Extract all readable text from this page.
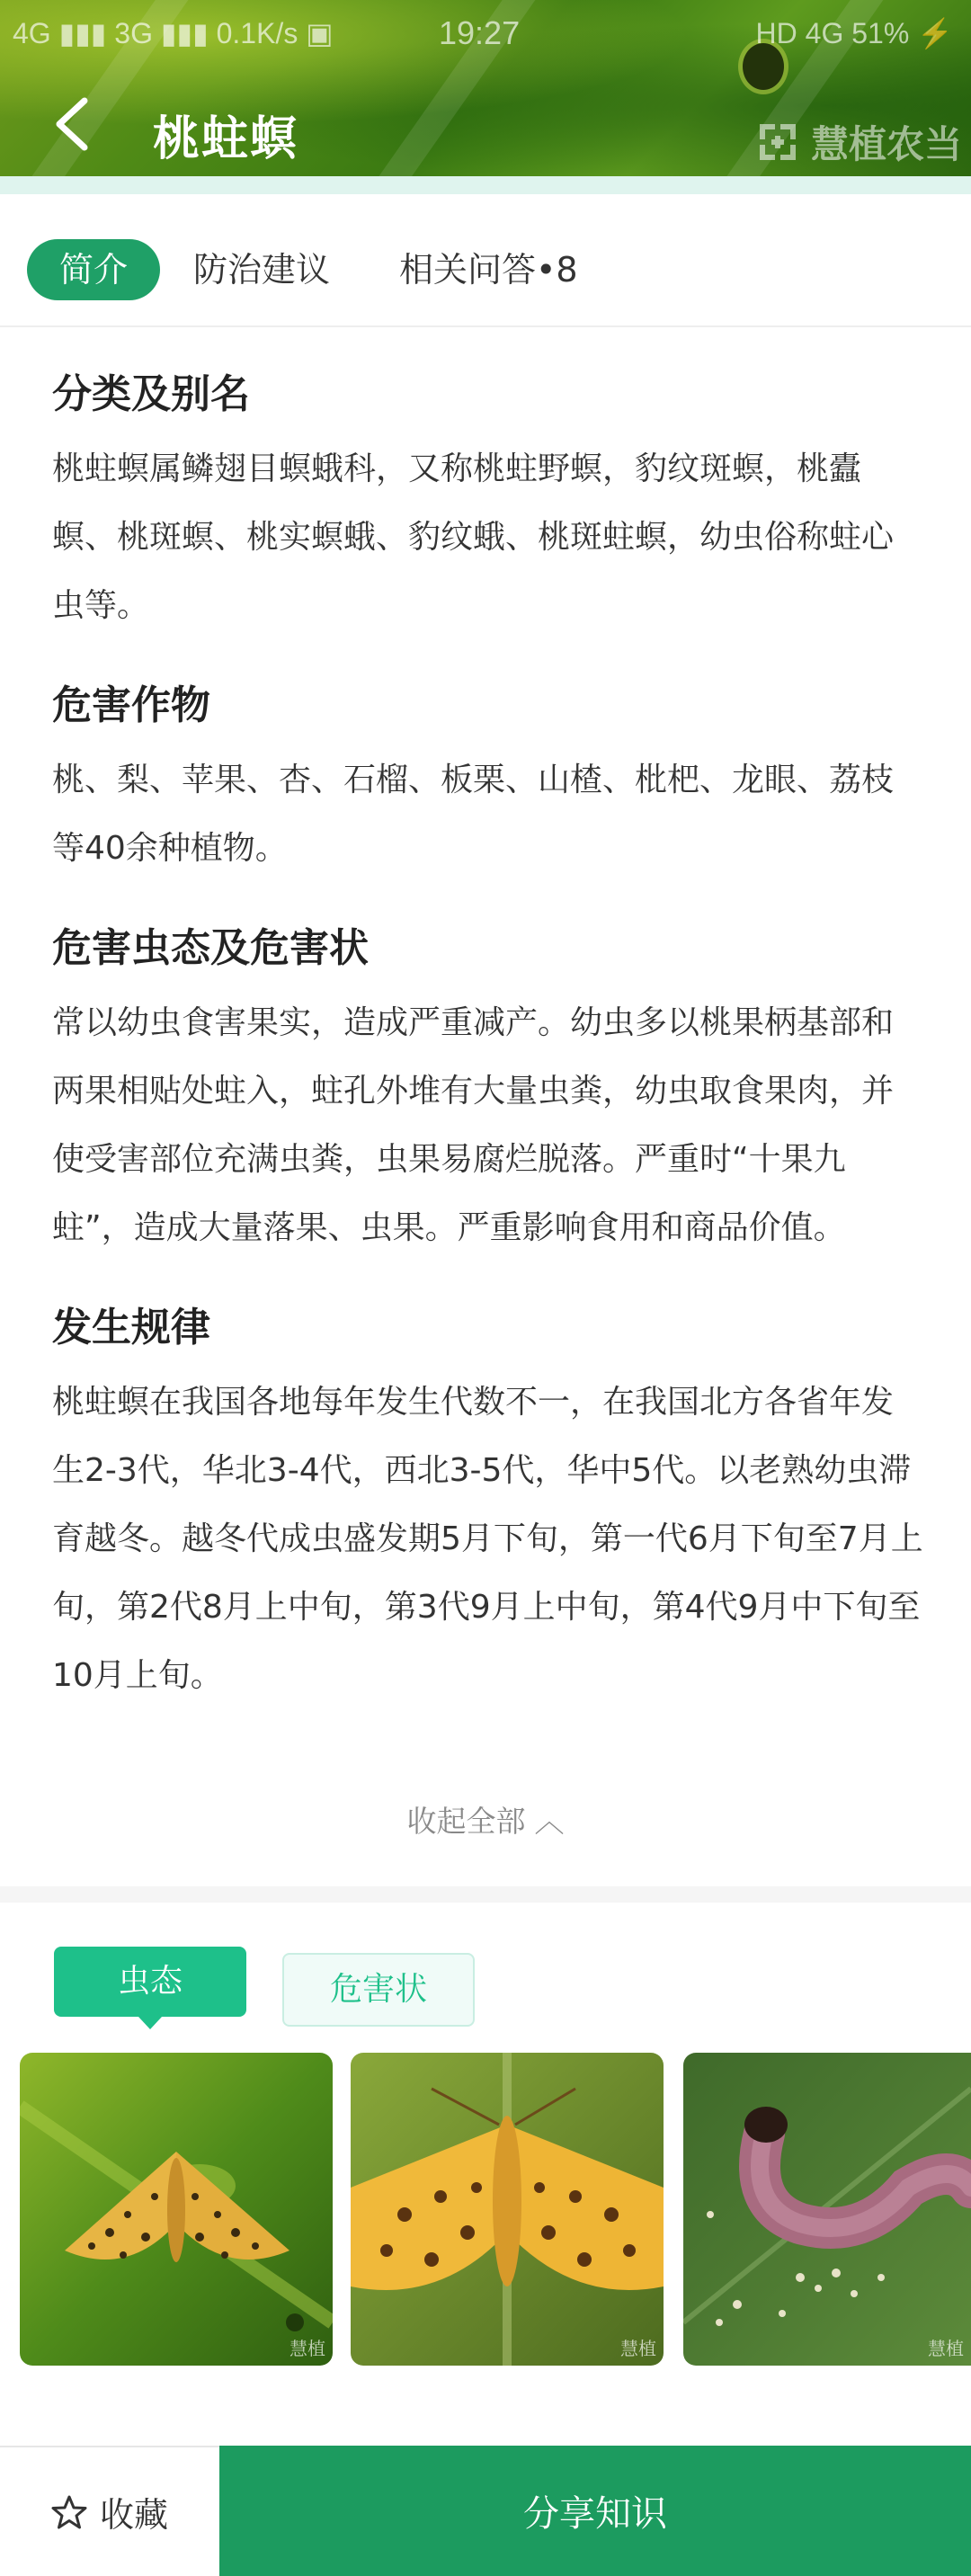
4G ▮▮▮ 3G ▮▮▮ 0.1K/s ▣	19:27	HD 4G 51% ⚡
桃蛀螟	慧植农当
简介	防治建议 相关问答•8
分类及别名

桃蛀螟属鳞翅目螟蛾科，又称桃蛀野螟，豹纹斑螟，桃蠹螟、桃斑螟、桃实螟蛾、豹纹蛾、桃斑蛀螟，幼虫俗称蛀心虫等。

危害作物

桃、梨、苹果、杏、石榴、板栗、山楂、枇杷、龙眼、荔枝等40余种植物。

危害虫态及危害状

常以幼虫食害果实，造成严重减产。幼虫多以桃果柄基部和两果相贴处蛀入，蛀孔外堆有大量虫粪，幼虫取食果肉，并使受害部位充满虫粪，虫果易腐烂脱落。严重时“十果九蛀”，造成大量落果、虫果。严重影响食用和商品价值。

发生规律

桃蛀螟在我国各地每年发生代数不一，在我国北方各省年发生2-3代，华北3-4代，西北3-5代，华中5代。以老熟幼虫滞育越冬。越冬代成虫盛发期5月下旬，第一代6月下旬至7月上旬，第2代8月上中旬，第3代9月上中旬，第4代9月中下旬至10月上旬。

收起全部 ︿
虫态	危害状
慧植	慧植	慧植
收藏	分享知识
